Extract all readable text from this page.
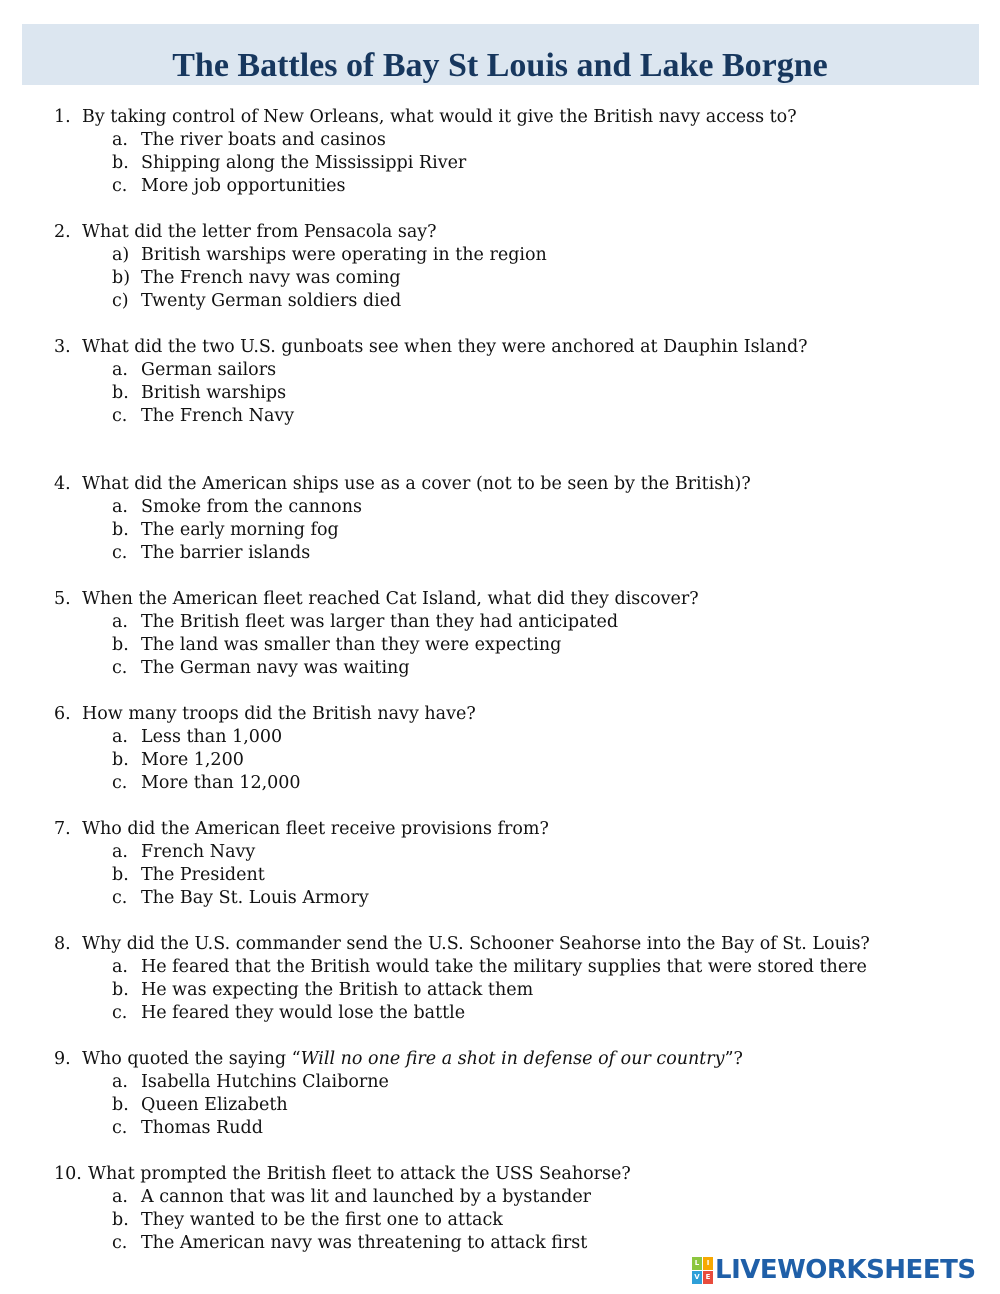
The Battles of Bay St Louis and Lake Borgne
1. By taking control of New Orleans, what would it give the British navy access to?
a. The river boats and casinos
b. Shipping along the Mississippi River
c. More job opportunities
2. What did the letter from Pensacola say?
a) British warships were operating in the region
b) The French navy was coming
c) Twenty German soldiers died
3. What did the two U.S. gunboats see when they were anchored at Dauphin Island?
a. German sailors
b. British warships
c. The French Navy
4. What did the American ships use as a cover (not to be seen by the British)?
a. Smoke from the cannons
b. The early morning fog
c. The barrier islands
5. When the American fleet reached Cat Island, what did they discover?
a. The British fleet was larger than they had anticipated
b. The land was smaller than they were expecting
c. The German navy was waiting
6. How many troops did the British navy have?
a. Less than 1,000
b. More 1,200
c. More than 12,000
7. Who did the American fleet receive provisions from?
a. French Navy
b. The President
c. The Bay St. Louis Armory
8. Why did the U.S. commander send the U.S. Schooner Seahorse into the Bay of St. Louis?
a. He feared that the British would take the military supplies that were stored there
b. He was expecting the British to attack them
c. He feared they would lose the battle
9. Who quoted the saying “Will no one fire a shot in defense of our country”?
a. Isabella Hutchins Claiborne
b. Queen Elizabeth
c. Thomas Rudd
10. What prompted the British fleet to attack the USS Seahorse?
a. A cannon that was lit and launched by a bystander
b. They wanted to be the first one to attack
c. The American navy was threatening to attack first
L	I
V E LIVEWORKSHEETS
